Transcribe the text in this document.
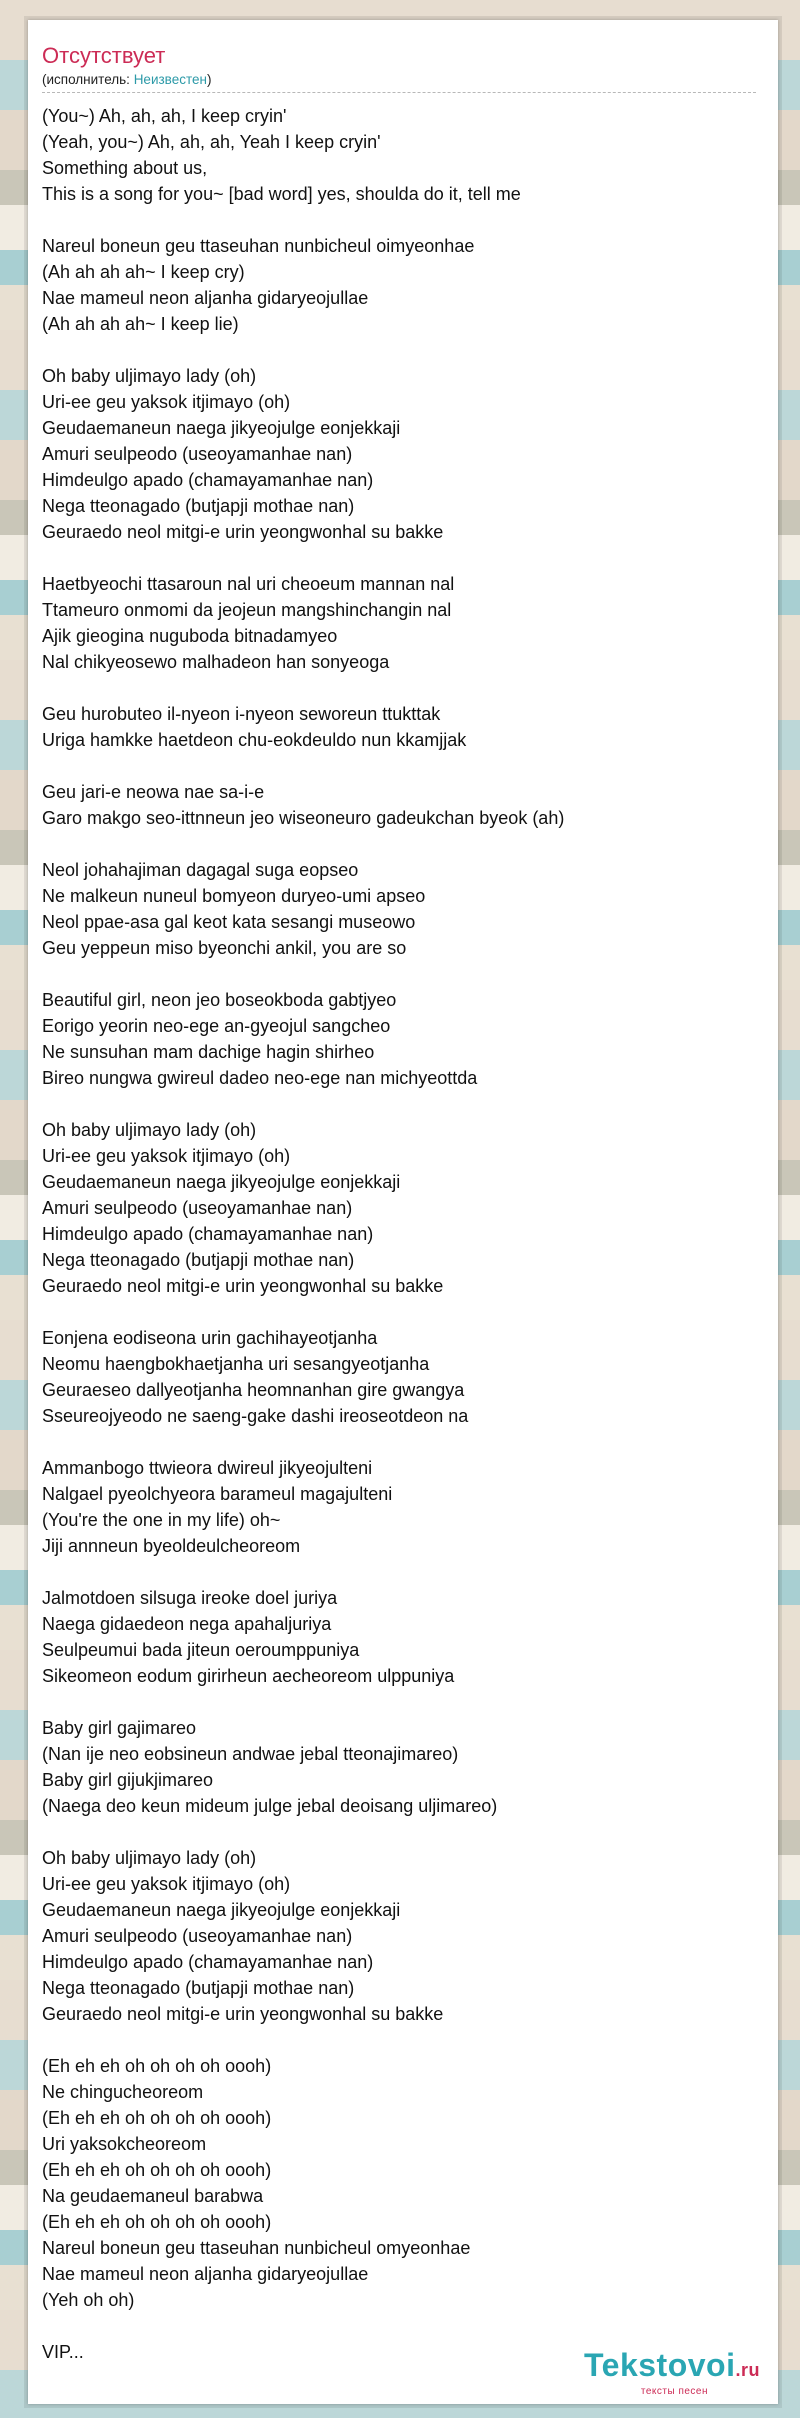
Отсутствует
(исполнитель: Неизвестен)
(You~) Ah, ah, ah, I keep cryin'
(Yeah, you~) Ah, ah, ah, Yeah I keep cryin'
Something about us,
This is a song for you~ [bad word] yes, shoulda do it, tell me
Nareul boneun geu ttaseuhan nunbicheul oimyeonhae
(Ah ah ah ah~ I keep cry)
Nae mameul neon aljanha gidaryeojullae
(Ah ah ah ah~ I keep lie)
Oh baby uljimayo lady (oh)
Uri-ee geu yaksok itjimayo (oh)
Geudaemaneun naega jikyeojulge eonjekkaji
Amuri seulpeodo (useoyamanhae nan)
Himdeulgo apado (chamayamanhae nan)
Nega tteonagado (butjapji mothae nan)
Geuraedo neol mitgi-e urin yeongwonhal su bakke
Haetbyeochi ttasaroun nal uri cheoeum mannan nal
Ttameuro onmomi da jeojeun mangshinchangin nal
Ajik gieogina nuguboda bitnadamyeo
Nal chikyeosewo malhadeon han sonyeoga
Geu hurobuteo il-nyeon i-nyeon seworeun ttukttak
Uriga hamkke haetdeon chu-eokdeuldo nun kkamjjak
Geu jari-e neowa nae sa-i-e
Garo makgo seo-ittnneun jeo wiseoneuro gadeukchan byeok (ah)
Neol johahajiman dagagal suga eopseo
Ne malkeun nuneul bomyeon duryeo-umi apseo
Neol ppae-asa gal keot kata sesangi museowo
Geu yeppeun miso byeonchi ankil, you are so
Beautiful girl, neon jeo boseokboda gabtjyeo
Eorigo yeorin neo-ege an-gyeojul sangcheo
Ne sunsuhan mam dachige hagin shirheo
Bireo nungwa gwireul dadeo neo-ege nan michyeottda
Oh baby uljimayo lady (oh)
Uri-ee geu yaksok itjimayo (oh)
Geudaemaneun naega jikyeojulge eonjekkaji
Amuri seulpeodo (useoyamanhae nan)
Himdeulgo apado (chamayamanhae nan)
Nega tteonagado (butjapji mothae nan)
Geuraedo neol mitgi-e urin yeongwonhal su bakke
Eonjena eodiseona urin gachihayeotjanha
Neomu haengbokhaetjanha uri sesangyeotjanha
Geuraeseo dallyeotjanha heomnanhan gire gwangya
Sseureojyeodo ne saeng-gake dashi ireoseotdeon na
Ammanbogo ttwieora dwireul jikyeojulteni
Nalgael pyeolchyeora barameul magajulteni
(You're the one in my life) oh~
Jiji annneun byeoldeulcheoreom
Jalmotdoen silsuga ireoke doel juriya
Naega gidaedeon nega apahaljuriya
Seulpeumui bada jiteun oeroumppuniya
Sikeomeon eodum girirheun aecheoreom ulppuniya
Baby girl gajimareo
(Nan ije neo eobsineun andwae jebal tteonajimareo)
Baby girl gijukjimareo
(Naega deo keun mideum julge jebal deoisang uljimareo)
Oh baby uljimayo lady (oh)
Uri-ee geu yaksok itjimayo (oh)
Geudaemaneun naega jikyeojulge eonjekkaji
Amuri seulpeodo (useoyamanhae nan)
Himdeulgo apado (chamayamanhae nan)
Nega tteonagado (butjapji mothae nan)
Geuraedo neol mitgi-e urin yeongwonhal su bakke
(Eh eh eh oh oh oh oh oooh)
Ne chingucheoreom
(Eh eh eh oh oh oh oh oooh)
Uri yaksokcheoreom
(Eh eh eh oh oh oh oh oooh)
Na geudaemaneul barabwa
(Eh eh eh oh oh oh oh oooh)
Nareul boneun geu ttaseuhan nunbicheul omyeonhae
Nae mameul neon aljanha gidaryeojullae
(Yeh oh oh)
VIP...	Tekstovoi.ru
тексты песен
